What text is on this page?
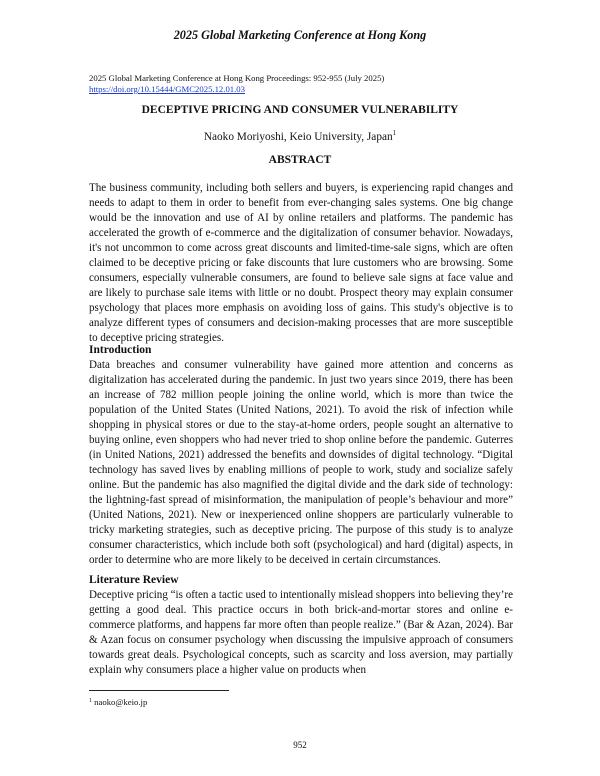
2025 Global Marketing Conference at Hong Kong
2025 Global Marketing Conference at Hong Kong Proceedings: 952-955 (July 2025)
https://doi.org/10.15444/GMC2025.12.01.03
DECEPTIVE PRICING AND CONSUMER VULNERABILITY
Naoko Moriyoshi, Keio University, Japan$^1$
ABSTRACT

The business community, including both sellers and buyers, is experiencing rapid changes and needs to adapt to them in order to benefit from ever-changing sales systems. One big change would be the innovation and use of AI by online retailers and platforms. The pandemic has accelerated the growth of e-commerce and the digitalization of consumer behavior. Nowadays, it's not uncommon to come across great discounts and limited-time-sale signs, which are often claimed to be deceptive pricing or fake discounts that lure customers who are browsing. Some consumers, especially vulnerable consumers, are found to believe sale signs at face value and are likely to purchase sale items with little or no doubt. Prospect theory may explain consumer psychology that places more emphasis on avoiding loss of gains. This study's objective is to analyze different types of consumers and decision-making processes that are more susceptible to deceptive pricing strategies.

Introduction

Data breaches and consumer vulnerability have gained more attention and concerns as digitalization has accelerated during the pandemic. In just two years since 2019, there has been an increase of 782 million people joining the online world, which is more than twice the population of the United States (United Nations, 2021). To avoid the risk of infection while shopping in physical stores or due to the stay-at-home orders, people sought an alternative to buying online, even shoppers who had never tried to shop online before the pandemic. Guterres (in United Nations, 2021) addressed the benefits and downsides of digital technology. “Digital technology has saved lives by enabling millions of people to work, study and socialize safely online. But the pandemic has also magnified the digital divide and the dark side of technology: the lightning-fast spread of misinformation, the manipulation of people’s behaviour and more” (United Nations, 2021). New or inexperienced online shoppers are particularly vulnerable to tricky marketing strategies, such as deceptive pricing. The purpose of this study is to analyze consumer characteristics, which include both soft (psychological) and hard (digital) aspects, in order to determine who are more likely to be deceived in certain circumstances.

Literature Review

Deceptive pricing “is often a tactic used to intentionally mislead shoppers into believing they’re getting a good deal. This practice occurs in both brick-and-mortar stores and online e-commerce platforms, and happens far more often than people realize.” (Bar & Azan, 2024). Bar & Azan focus on consumer psychology when discussing the impulsive approach of consumers towards great deals. Psychological concepts, such as scarcity and loss aversion, may partially explain why consumers place a higher value on products when

$^1$ naoko@keio.jp
952
